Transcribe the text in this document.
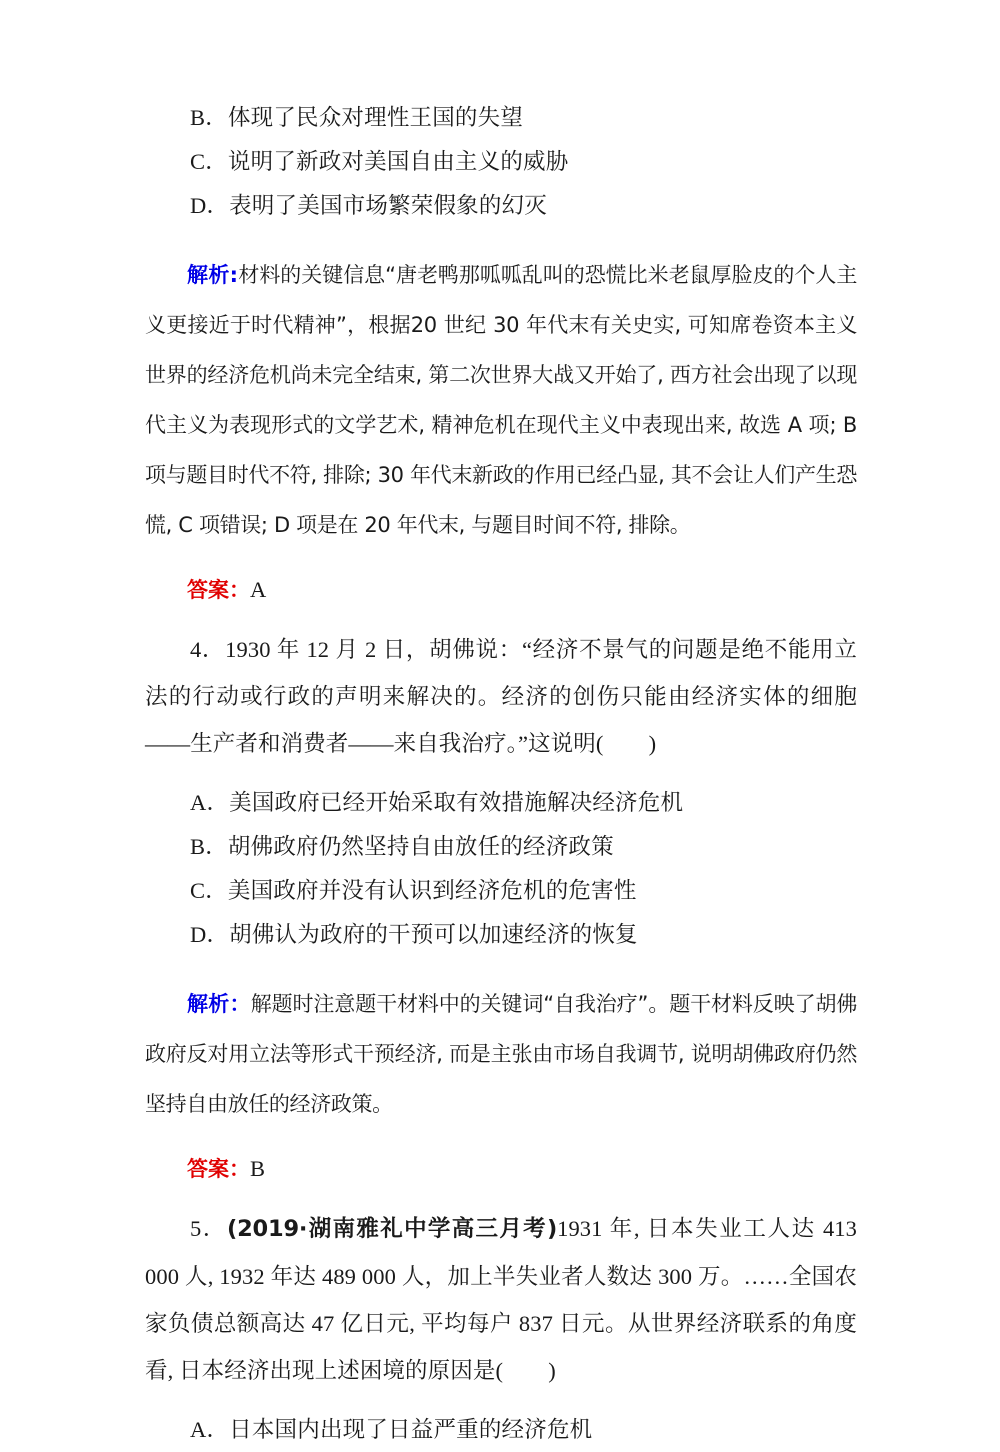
B．体现了民众对理性王国的失望
C．说明了新政对美国自由主义的威胁
D．表明了美国市场繁荣假象的幻灭

解析:材料的关键信息“唐老鸭那呱呱乱叫的恐慌比米老鼠厚脸皮的个人主义更接近于时代精神”，根据20 世纪 30 年代末有关史实, 可知席卷资本主义世界的经济危机尚未完全结束, 第二次世界大战又开始了, 西方社会出现了以现代主义为表现形式的文学艺术, 精神危机在现代主义中表现出来, 故选 A 项; B 项与题目时代不符, 排除; 30 年代末新政的作用已经凸显, 其不会让人们产生恐慌, C 项错误; D 项是在 20 年代末, 与题目时间不符, 排除。

答案：A

4．1930 年 12 月 2 日，胡佛说：“经济不景气的问题是绝不能用立法的行动或行政的声明来解决的。经济的创伤只能由经济实体的细胞——生产者和消费者——来自我治疗。”这说明(　　)

A．美国政府已经开始采取有效措施解决经济危机
B．胡佛政府仍然坚持自由放任的经济政策
C．美国政府并没有认识到经济危机的危害性
D．胡佛认为政府的干预可以加速经济的恢复

解析：解题时注意题干材料中的关键词“自我治疗”。题干材料反映了胡佛政府反对用立法等形式干预经济, 而是主张由市场自我调节, 说明胡佛政府仍然坚持自由放任的经济政策。

答案：B

5．(2019·湖南雅礼中学高三月考)1931 年, 日本失业工人达 413 000 人, 1932 年达 489 000 人，加上半失业者人数达 300 万。……全国农家负债总额高达 47 亿日元, 平均每户 837 日元。从世界经济联系的角度看, 日本经济出现上述困境的原因是(　　)

A．日本国内出现了日益严重的经济危机
